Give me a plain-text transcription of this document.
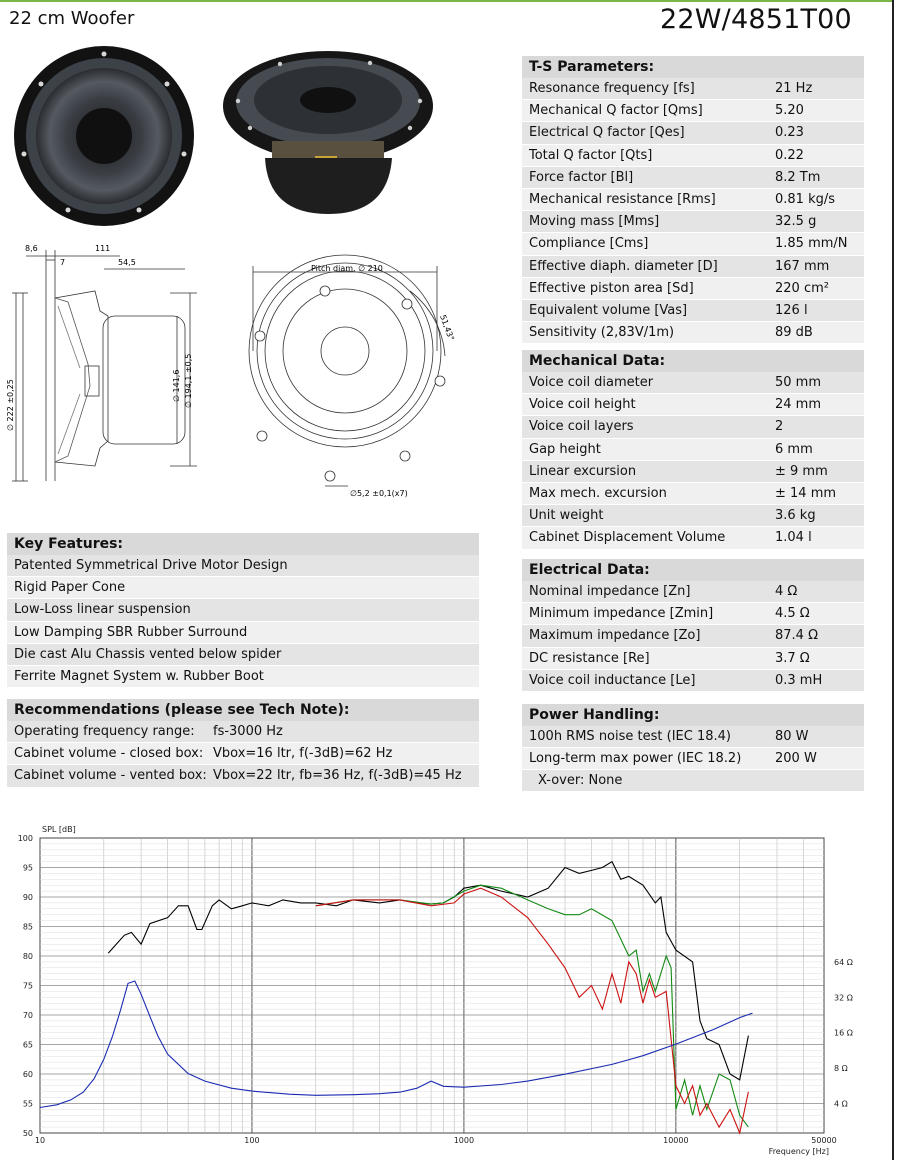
22 cm Woofer	22W/4851T00
8,6	111
7	54,5
∅ 222 ±0,25	∅ 141,6 ∅ 194,1 ±0,5
Pitch diam. ∅ 210
51,43°
∅5,2 ±0,1(x7)
T-S Parameters:
Resonance frequency [fs]	21 Hz
Mechanical Q factor [Qms]	5.20
Electrical Q factor [Qes]	0.23
Total Q factor [Qts]	0.22
Force factor [Bl]	8.2 Tm
Mechanical resistance [Rms]	0.81 kg/s
Moving mass [Mms]	32.5 g
Compliance [Cms]	1.85 mm/N
Effective diaph. diameter [D]	167 mm
Effective piston area [Sd]	220 cm²
Equivalent volume [Vas]	126 l
Sensitivity (2,83V/1m)	89 dB
Mechanical Data:
Voice coil diameter	50 mm
Voice coil height	24 mm
Voice coil layers	2
Gap height	6 mm
Linear excursion	± 9 mm
Max mech. excursion	± 14 mm
Unit weight	3.6 kg
Cabinet Displacement Volume	1.04 l
Electrical Data:
Nominal impedance [Zn]	4 Ω
Minimum impedance [Zmin]	4.5 Ω
Maximum impedance [Zo]	87.4 Ω
DC resistance [Re]	3.7 Ω
Voice coil inductance [Le]	0.3 mH
Power Handling:
100h RMS noise test (IEC 18.4)	80 W
Long-term max power (IEC 18.2)	200 W
X-over: None
Key Features:
Patented Symmetrical Drive Motor Design
Rigid Paper Cone
Low-Loss linear suspension
Low Damping SBR Rubber Surround
Die cast Alu Chassis vented below spider
Ferrite Magnet System w. Rubber Boot
Recommendations (please see Tech Note):
Operating frequency range:	fs-3000 Hz
Cabinet volume - closed box: Vbox=16 ltr, f(-3dB)=62 Hz
Cabinet volume - vented box: Vbox=22 ltr, fb=36 Hz, f(-3dB)=45 Hz
100
95
90
85
80
75
70
65
60
55
50
10	100	1000	10000	50000
64 Ω
32 Ω
16 Ω
8 Ω
4 Ω
SPL [dB]
Frequency [Hz]
